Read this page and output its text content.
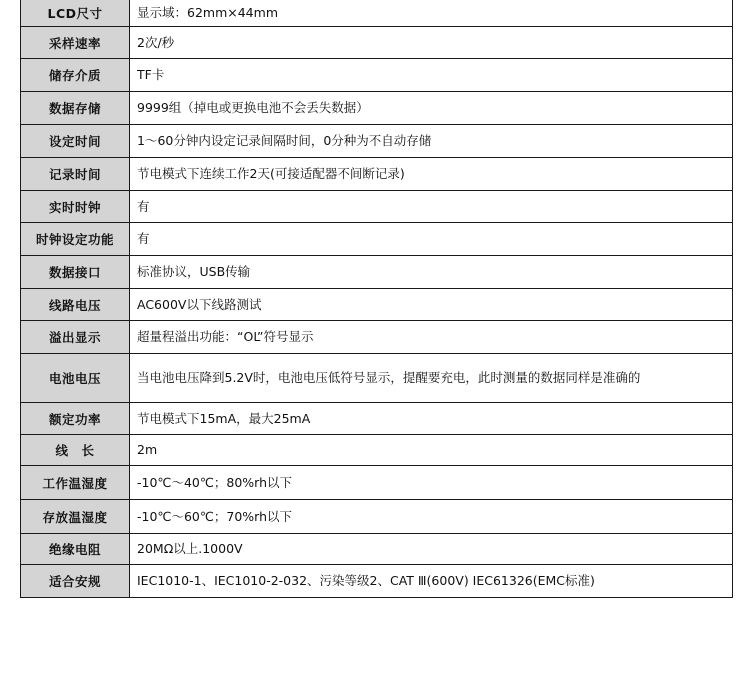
LCD尺寸	显示域：62mm×44mm
采样速率	2次/秒
储存介质	TF卡
数据存储	9999组（掉电或更换电池不会丢失数据）
设定时间	1～60分钟内设定记录间隔时间，0分种为不自动存储
记录时间	节电模式下连续工作2天(可接适配器不间断记录)
实时时钟	有
时钟设定功能	有
数据接口	标准协议，USB传输
线路电压	AC600V以下线路测试
溢出显示	超量程溢出功能：“OL”符号显示
电池电压	当电池电压降到5.2V时，电池电压低符号显示，提醒要充电，此时测量的数据同样是准确的
额定功率	节电模式下15mA，最大25mA
线　长	2m
工作温湿度	-10℃～40℃；80%rh以下
存放温湿度	-10℃～60℃；70%rh以下
绝缘电阻	20MΩ以上.1000V
适合安规	IEC1010-1、IEC1010-2-032、污染等级2、CAT Ⅲ(600V) IEC61326(EMC标准)
